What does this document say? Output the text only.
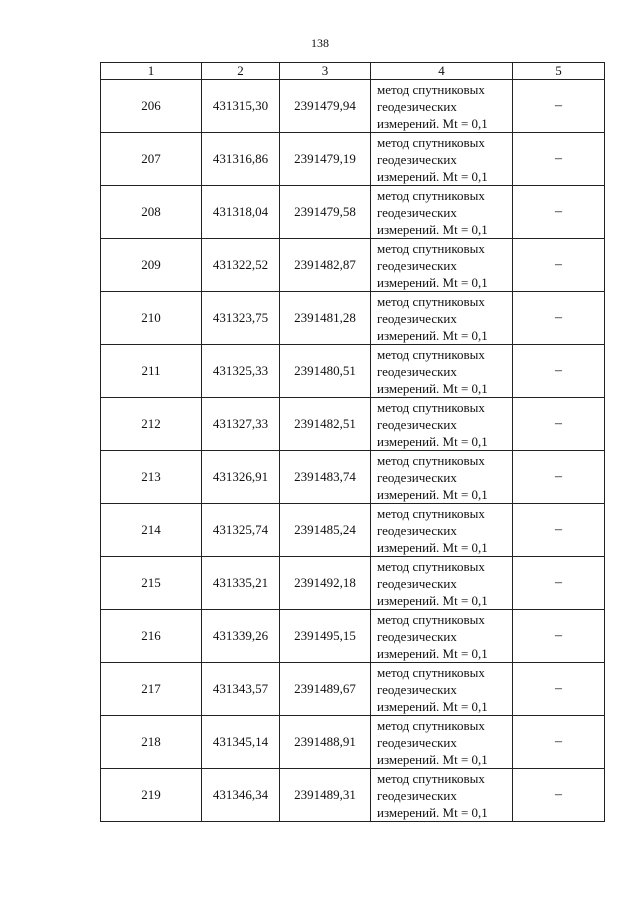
138
1	2	3	4	5
206	431315,30	2391479,94	метод спутниковых
геодезических
измерений. Mt = 0,1	–
207	431316,86	2391479,19	метод спутниковых
геодезических
измерений. Mt = 0,1	–
208	431318,04	2391479,58	метод спутниковых
геодезических
измерений. Mt = 0,1	–
209	431322,52	2391482,87	метод спутниковых
геодезических
измерений. Mt = 0,1	–
210	431323,75	2391481,28	метод спутниковых
геодезических
измерений. Mt = 0,1	–
211	431325,33	2391480,51	метод спутниковых
геодезических
измерений. Mt = 0,1	–
212	431327,33	2391482,51	метод спутниковых
геодезических
измерений. Mt = 0,1	–
213	431326,91	2391483,74	метод спутниковых
геодезических
измерений. Mt = 0,1	–
214	431325,74	2391485,24	метод спутниковых
геодезических
измерений. Mt = 0,1	–
215	431335,21	2391492,18	метод спутниковых
геодезических
измерений. Mt = 0,1	–
216	431339,26	2391495,15	метод спутниковых
геодезических
измерений. Mt = 0,1	–
217	431343,57	2391489,67	метод спутниковых
геодезических
измерений. Mt = 0,1	–
218	431345,14	2391488,91	метод спутниковых
геодезических
измерений. Mt = 0,1	–
219	431346,34	2391489,31	метод спутниковых
геодезических
измерений. Mt = 0,1	–
